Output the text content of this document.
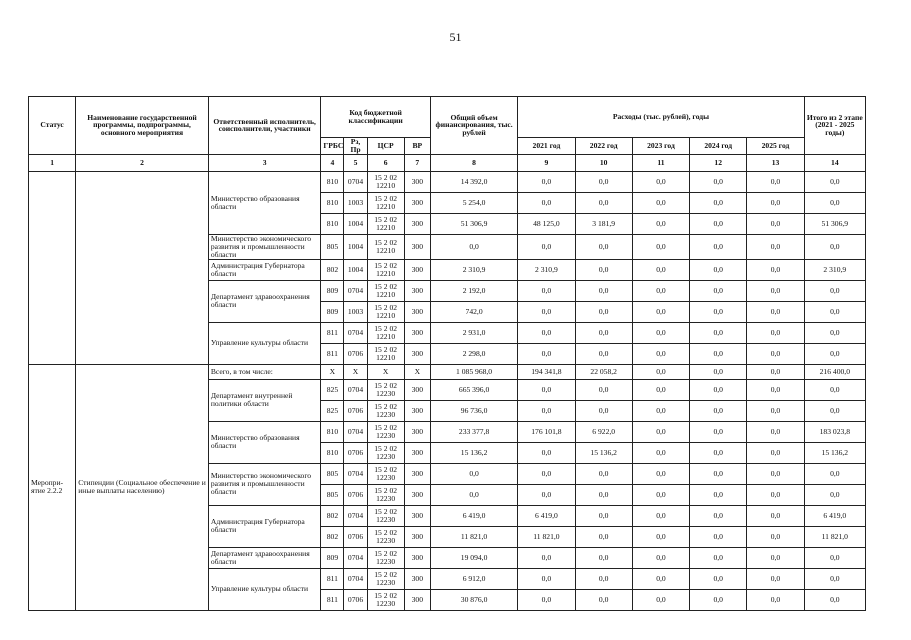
51
Статус	Наименование государственной программы, подпрограммы, основного мероприятия	Ответственный исполнитель, соисполнители, участники	Код бюджетной классификации				Общий объем финансирования, тыс. рублей	Расходы (тыс. рублей), годы					Итого из 2 этапе (2021 - 2025 годы)
			ГРБС	Рз, Пр	ЦСР	ВР		2021 год	2022 год	2023 год	2024 год	2025 год	
1	2	3	4	5	6	7	8	9	10	11	12	13	14
		Министерство образования области	810	0704	15 2 02
12210	300	14 392,0	0,0	0,0	0,0	0,0	0,0	0,0
			810	1003	15 2 02
12210	300	5 254,0	0,0	0,0	0,0	0,0	0,0	0,0
			810	1004	15 2 02
12210	300	51 306,9	48 125,0	3 181,9	0,0	0,0	0,0	51 306,9
		Министерство экономического развития и промышленности области	805	1004	15 2 02
12210	300	0,0	0,0	0,0	0,0	0,0	0,0	0,0
		Администрация Губернатора области	802	1004	15 2 02
12210	300	2 310,9	2 310,9	0,0	0,0	0,0	0,0	2 310,9
		Департамент здравоохранения области	809	0704	15 2 02
12210	300	2 192,0	0,0	0,0	0,0	0,0	0,0	0,0
			809	1003	15 2 02
12210	300	742,0	0,0	0,0	0,0	0,0	0,0	0,0
		Управление культуры области	811	0704	15 2 02
12210	300	2 931,0	0,0	0,0	0,0	0,0	0,0	0,0
			811	0706	15 2 02
12210	300	2 298,0	0,0	0,0	0,0	0,0	0,0	0,0
Меропри-ятие 2.2.2	Стипендии (Социальное обеспечение и иные выплаты населению)	Всего, в том числе:	X	X	X	X	1 085 968,0	194 341,8	22 058,2	0,0	0,0	0,0	216 400,0
		Департамент внутренней политики области	825	0704	15 2 02
12230	300	665 396,0	0,0	0,0	0,0	0,0	0,0	0,0
			825	0706	15 2 02
12230	300	96 736,0	0,0	0,0	0,0	0,0	0,0	0,0
		Министерство образования области	810	0704	15 2 02
12230	300	233 377,8	176 101,8	6 922,0	0,0	0,0	0,0	183 023,8
			810	0706	15 2 02
12230	300	15 136,2	0,0	15 136,2	0,0	0,0	0,0	15 136,2
		Министерство экономического развития и промышленности области	805	0704	15 2 02
12230	300	0,0	0,0	0,0	0,0	0,0	0,0	0,0
			805	0706	15 2 02
12230	300	0,0	0,0	0,0	0,0	0,0	0,0	0,0
		Администрация Губернатора области	802	0704	15 2 02
12230	300	6 419,0	6 419,0	0,0	0,0	0,0	0,0	6 419,0
			802	0706	15 2 02
12230	300	11 821,0	11 821,0	0,0	0,0	0,0	0,0	11 821,0
		Департамент здравоохранения области	809	0704	15 2 02
12230	300	19 094,0	0,0	0,0	0,0	0,0	0,0	0,0
		Управление культуры области	811	0704	15 2 02
12230	300	6 912,0	0,0	0,0	0,0	0,0	0,0	0,0
			811	0706	15 2 02
12230	300	30 876,0	0,0	0,0	0,0	0,0	0,0	0,0
